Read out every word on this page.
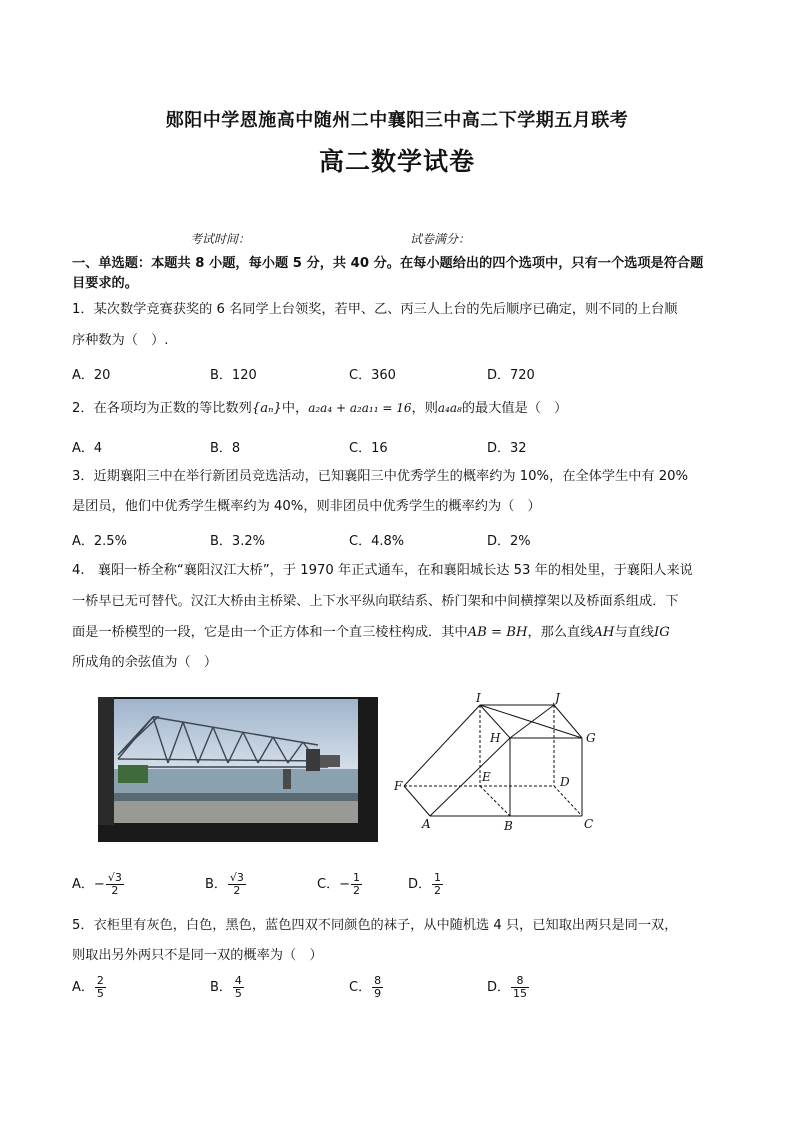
郧阳中学恩施高中随州二中襄阳三中高二下学期五月联考
高二数学试卷
考试时间：	试卷满分：
一、单选题：本题共 8 小题，每小题 5 分，共 40 分。在每小题给出的四个选项中，只有一个选项是符合题
目要求的。
1．某次数学竞赛获奖的 6 名同学上台领奖，若甲、乙、丙三人上台的先后顺序已确定，则不同的上台顺
序种数为（　）.
A．20	B．120	C．360	D．720
2．在各项均为正数的等比数列{aₙ}中，a₂a₄ + a₂a₁₁ = 16，则a₄a₈的最大值是（　）
A．4	B．8	C．16	D．32
3．近期襄阳三中在举行新团员竞选活动，已知襄阳三中优秀学生的概率约为 10%，在全体学生中有 20%
是团员，他们中优秀学生概率约为 40%，则非团员中优秀学生的概率约为（　）
A．2.5%	B．3.2%	C．4.8%	D．2%
4.　襄阳一桥全称“襄阳汉江大桥”，于 1970 年正式通车，在和襄阳城长达 53 年的相处里，于襄阳人来说
一桥早已无可替代。汉江大桥由主桥梁、上下水平纵向联结系、桥门架和中间横撑架以及桥面系组成．下
面是一桥模型的一段，它是由一个正方体和一个直三棱柱构成．其中AB = BH，那么直线AH与直线IG
所成角的余弦值为（　）
I	J
H	G
E	D
F
A	B	C
A．− $\frac{√3}{2}$	B． $\frac{√3}{2}$	C．− $\frac{1}{2}$	D． $\frac{1}{2}$
5．衣柜里有灰色，白色，黑色，蓝色四双不同颜色的袜子，从中随机选 4 只，已知取出两只是同一双，
则取出另外两只不是同一双的概率为（　）
A． $\frac{2}{5}$	B． $\frac{4}{5}$	C． $\frac{8}{9}$	D． $\frac{8}{15}$
